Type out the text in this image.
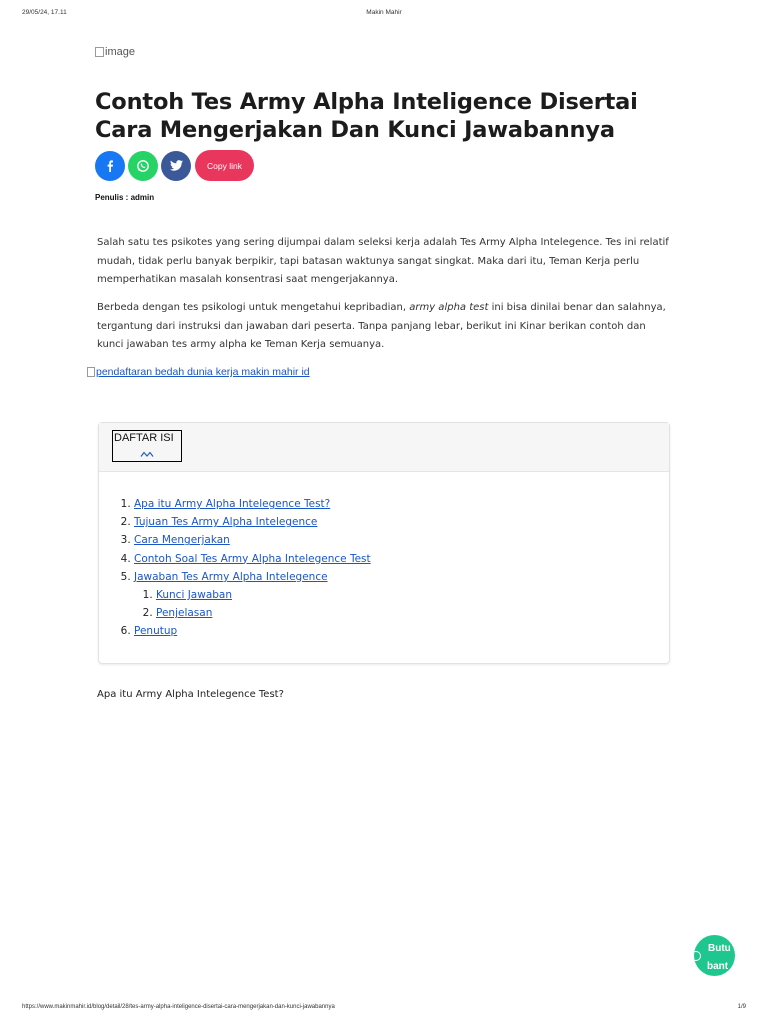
29/05/24, 17.11	Makin Mahir
image
Contoh Tes Army Alpha Inteligence Disertai Cara Mengerjakan Dan Kunci Jawabannya
Copy link
Penulis : admin

Salah satu tes psikotes yang sering dijumpai dalam seleksi kerja adalah Tes Army Alpha Intelegence. Tes ini relatif mudah, tidak perlu banyak berpikir, tapi batasan waktunya sangat singkat. Maka dari itu, Teman Kerja perlu memperhatikan masalah konsentrasi saat mengerjakannya.

Berbeda dengan tes psikologi untuk mengetahui kepribadian, army alpha test ini bisa dinilai benar dan salahnya, tergantung dari instruksi dan jawaban dari peserta. Tanpa panjang lebar, berikut ini Kinar berikan contoh dan kunci jawaban tes army alpha ke Teman Kerja semuanya.

pendaftaran bedah dunia kerja makin mahir id
DAFTAR ISI
1. Apa itu Army Alpha Intelegence Test?
2. Tujuan Tes Army Alpha Intelegence
3. Cara Mengerjakan
4. Contoh Soal Tes Army Alpha Intelegence Test
5. Jawaban Tes Army Alpha Intelegence
1. Kunci Jawaban
2. Penjelasan
6. Penutup
Apa itu Army Alpha Intelegence Test?
Butu
bant
https://www.makinmahir.id/blog/detail/28/tes-army-alpha-inteligence-disertai-cara-mengerjakan-dan-kunci-jawabannya	1/9
